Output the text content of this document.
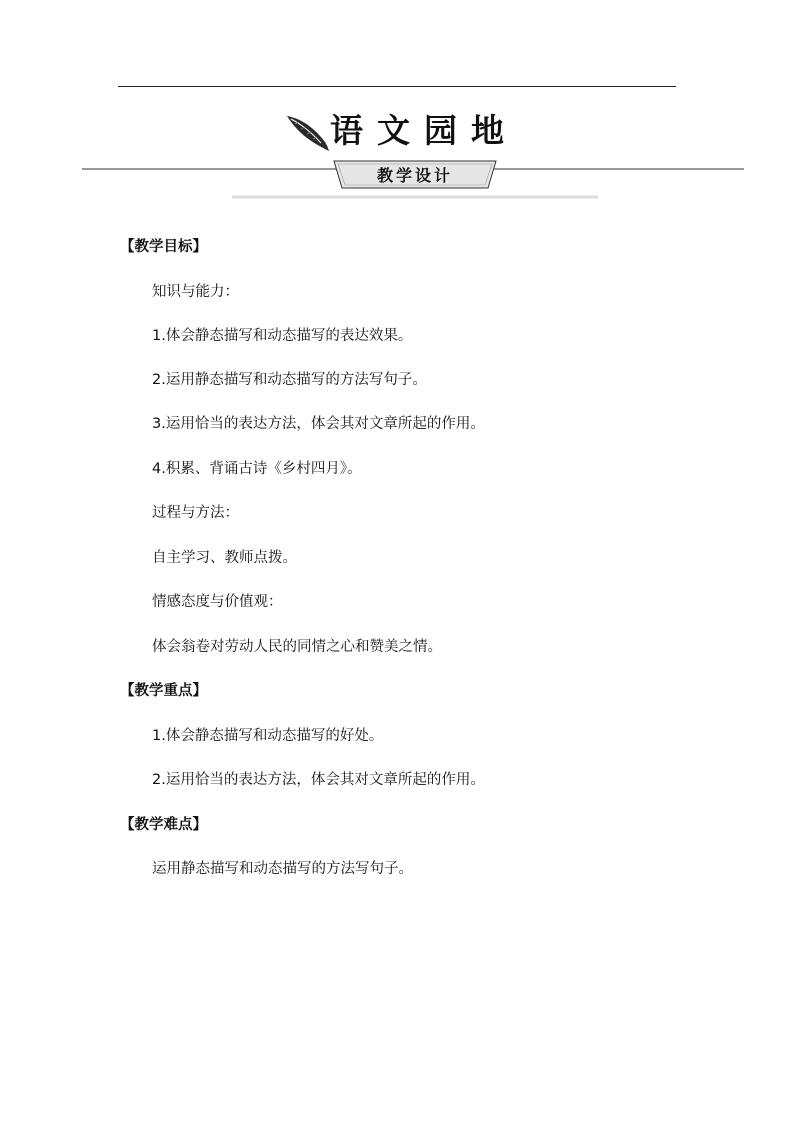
语文园地
教学设计
【教学目标】
知识与能力：
1.体会静态描写和动态描写的表达效果。
2.运用静态描写和动态描写的方法写句子。
3.运用恰当的表达方法，体会其对文章所起的作用。
4.积累、背诵古诗《乡村四月》。
过程与方法：
自主学习、教师点拨。
情感态度与价值观：
体会翁卷对劳动人民的同情之心和赞美之情。
【教学重点】
1.体会静态描写和动态描写的好处。
2.运用恰当的表达方法，体会其对文章所起的作用。
【教学难点】
运用静态描写和动态描写的方法写句子。
